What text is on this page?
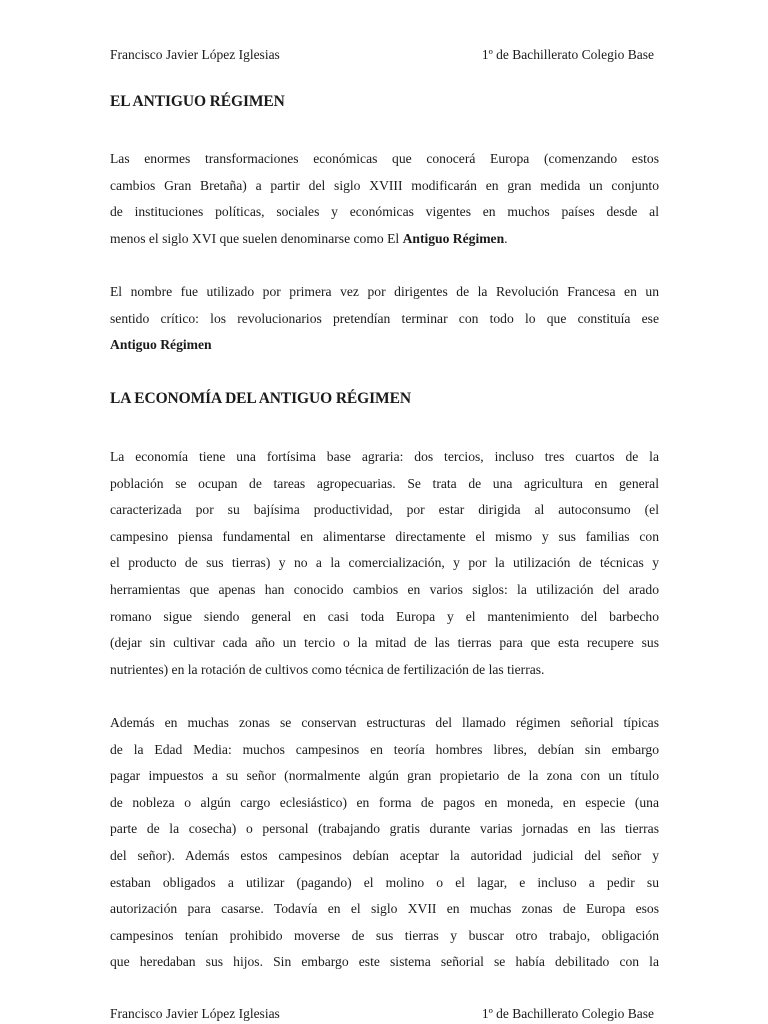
Francisco Javier López Iglesias	1º de Bachillerato Colegio Base
EL ANTIGUO RÉGIMEN

Las enormes transformaciones económicas que conocerá Europa (comenzando estos
cambios Gran Bretaña) a partir del siglo XVIII modificarán en gran medida un conjunto
de instituciones políticas, sociales y económicas vigentes en muchos países desde al
menos el siglo XVI que suelen denominarse como El Antiguo Régimen.

El nombre fue utilizado por primera vez por dirigentes de la Revolución Francesa en un
sentido crítico: los revolucionarios pretendían terminar con todo lo que constituía ese
Antiguo Régimen

LA ECONOMÍA DEL ANTIGUO RÉGIMEN

La economía tiene una fortísima base agraria: dos tercios, incluso tres cuartos de la
población se ocupan de tareas agropecuarias. Se trata de una agricultura en general
caracterizada por su bajísima productividad, por estar dirigida al autoconsumo (el
campesino piensa fundamental en alimentarse directamente el mismo y sus familias con
el producto de sus tierras) y no a la comercialización, y por la utilización de técnicas y
herramientas que apenas han conocido cambios en varios siglos: la utilización del arado
romano sigue siendo general en casi toda Europa y el mantenimiento del barbecho
(dejar sin cultivar cada año un tercio o la mitad de las tierras para que esta recupere sus
nutrientes) en la rotación de cultivos como técnica de fertilización de las tierras.

Además en muchas zonas se conservan estructuras del llamado régimen señorial típicas
de la Edad Media: muchos campesinos en teoría hombres libres, debían sin embargo
pagar impuestos a su señor (normalmente algún gran propietario de la zona con un título
de nobleza o algún cargo eclesiástico) en forma de pagos en moneda, en especie (una
parte de la cosecha) o personal (trabajando gratis durante varias jornadas en las tierras
del señor). Además estos campesinos debían aceptar la autoridad judicial del señor y
estaban obligados a utilizar (pagando) el molino o el lagar, e incluso a pedir su
autorización para casarse. Todavía en el siglo XVII en muchas zonas de Europa esos
campesinos tenían prohibido moverse de sus tierras y buscar otro trabajo, obligación
que heredaban sus hijos. Sin embargo este sistema señorial se había debilitado con la

Francisco Javier López Iglesias	1º de Bachillerato Colegio Base
